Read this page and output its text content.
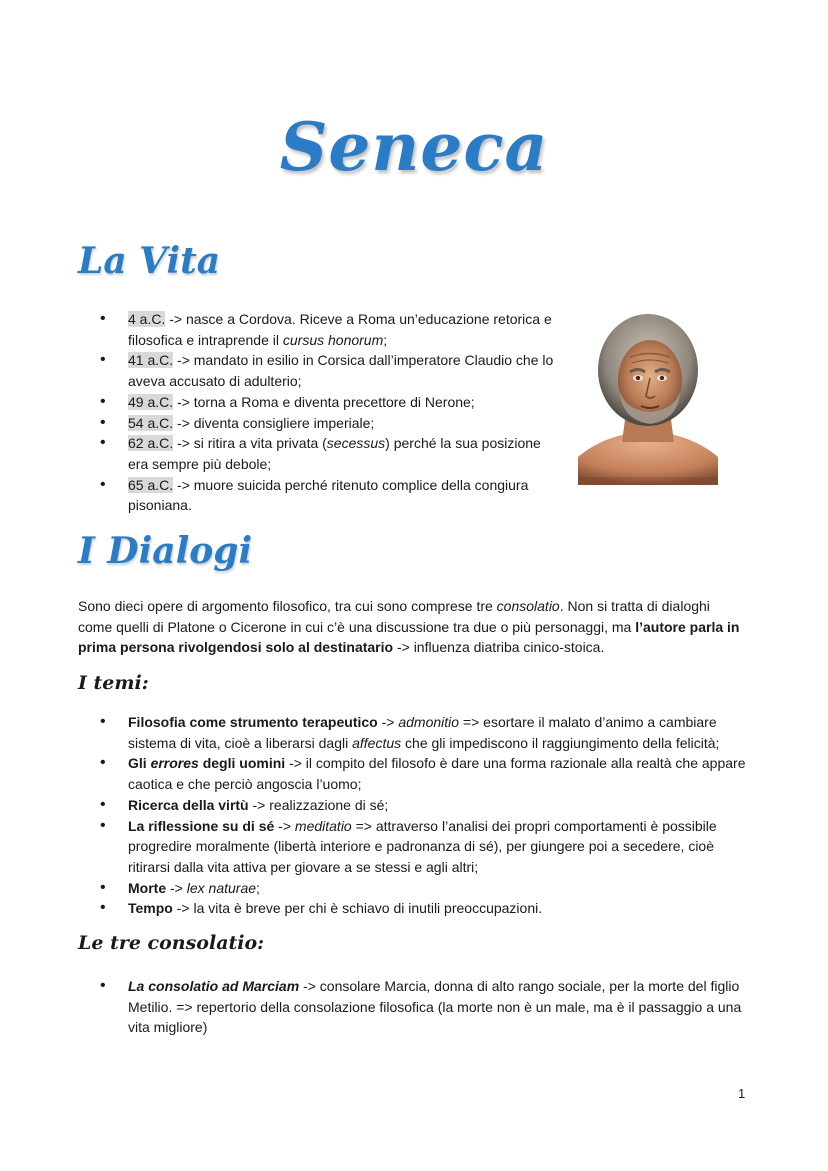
Seneca
La Vita
• 4 a.C. -> nasce a Cordova. Riceve a Roma un’educazione retorica e filosofica e intraprende il cursus honorum;
• 41 a.C. -> mandato in esilio in Corsica dall’imperatore Claudio che lo aveva accusato di adulterio;
• 49 a.C. -> torna a Roma e diventa precettore di Nerone;
• 54 a.C. -> diventa consigliere imperiale;
• 62 a.C. -> si ritira a vita privata (secessus) perché la sua posizione era sempre più debole;
• 65 a.C. -> muore suicida perché ritenuto complice della congiura pisoniana.
I Dialogi
Sono dieci opere di argomento filosofico, tra cui sono comprese tre consolatio. Non si tratta di dialoghi come quelli di Platone o Cicerone in cui c’è una discussione tra due o più personaggi, ma l’autore parla in prima persona rivolgendosi solo al destinatario -> influenza diatriba cinico-stoica.
I temi:
• Filosofia come strumento terapeutico -> admonitio => esortare il malato d’animo a cambiare sistema di vita, cioè a liberarsi dagli affectus che gli impediscono il raggiungimento della felicità;
• Gli errores degli uomini -> il compito del filosofo è dare una forma razionale alla realtà che appare caotica e che perciò angoscia l’uomo;
• Ricerca della virtù -> realizzazione di sé;
• La riflessione su di sé -> meditatio => attraverso l’analisi dei propri comportamenti è possibile progredire moralmente (libertà interiore e padronanza di sé), per giungere poi a secedere, cioè ritirarsi dalla vita attiva per giovare a se stessi e agli altri;
• Morte -> lex naturae;
• Tempo -> la vita è breve per chi è schiavo di inutili preoccupazioni.
Le tre consolatio:
• La consolatio ad Marciam -> consolare Marcia, donna di alto rango sociale, per la morte del figlio Metilio. => repertorio della consolazione filosofica (la morte non è un male, ma è il passaggio a una vita migliore)
1
